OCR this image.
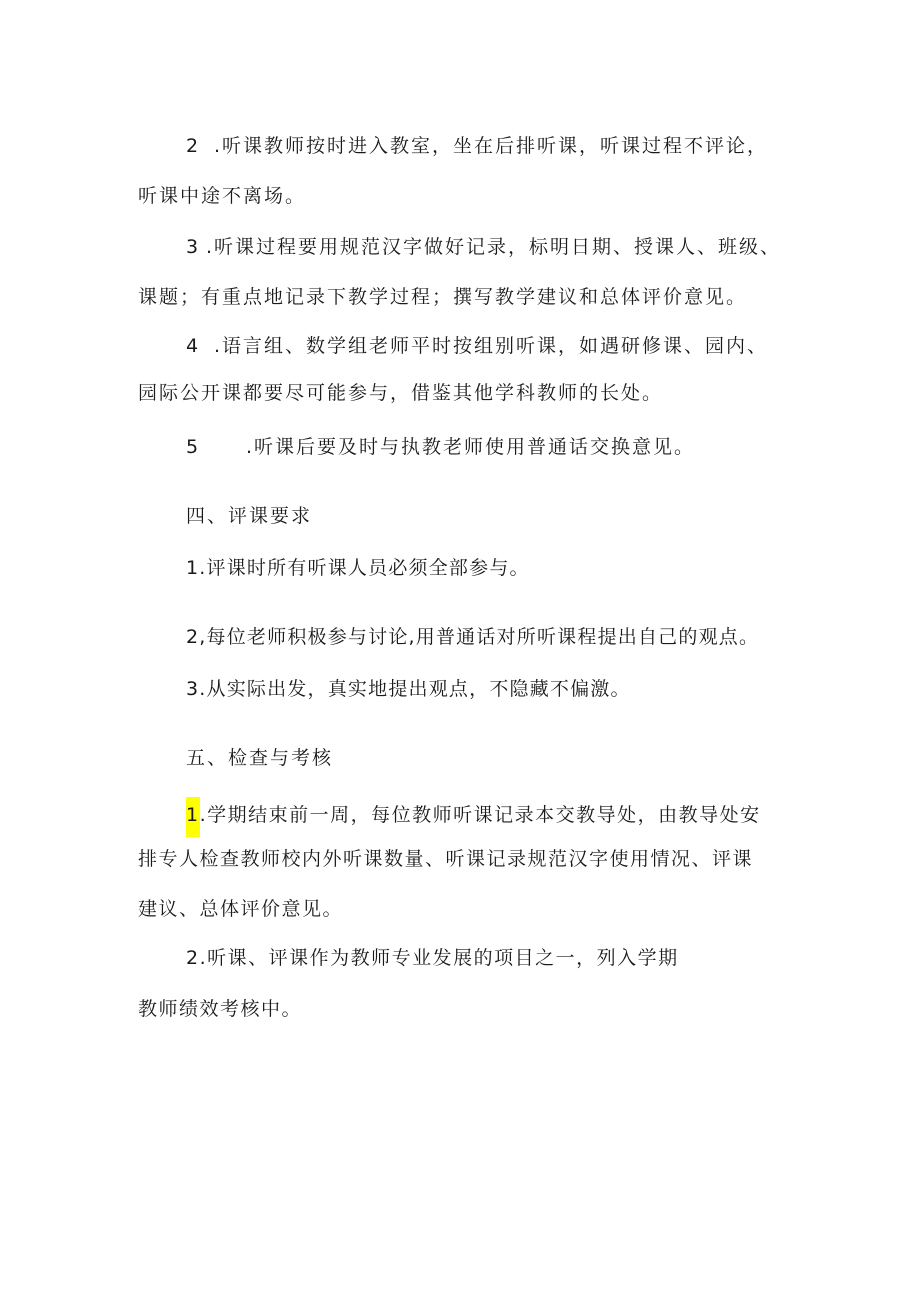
2 .听课教师按时进入教室，坐在后排听课，听课过程不评论，
听课中途不离场。
3 .听课过程要用规范汉字做好记录，标明日期、授课人、班级、
课题；有重点地记录下教学过程；撰写教学建议和总体评价意见。
4 .语言组、数学组老师平时按组别听课，如遇研修课、园内、
园际公开课都要尽可能参与，借鉴其他学科教师的长处。
5 .听课后要及时与执教老师使用普通话交换意见。
四、评课要求
1.评课时所有听课人员必须全部参与。
2,每位老师积极参与讨论,用普通话对所听课程提出自己的观点。
3.从实际出发，真实地提出观点，不隐藏不偏激。
五、检查与考核
1.学期结束前一周，每位教师听课记录本交教导处，由教导处安
排专人检查教师校内外听课数量、听课记录规范汉字使用情况、评课
建议、总体评价意见。
2.听课、评课作为教师专业发展的项目之一，列入学期
教师绩效考核中。
